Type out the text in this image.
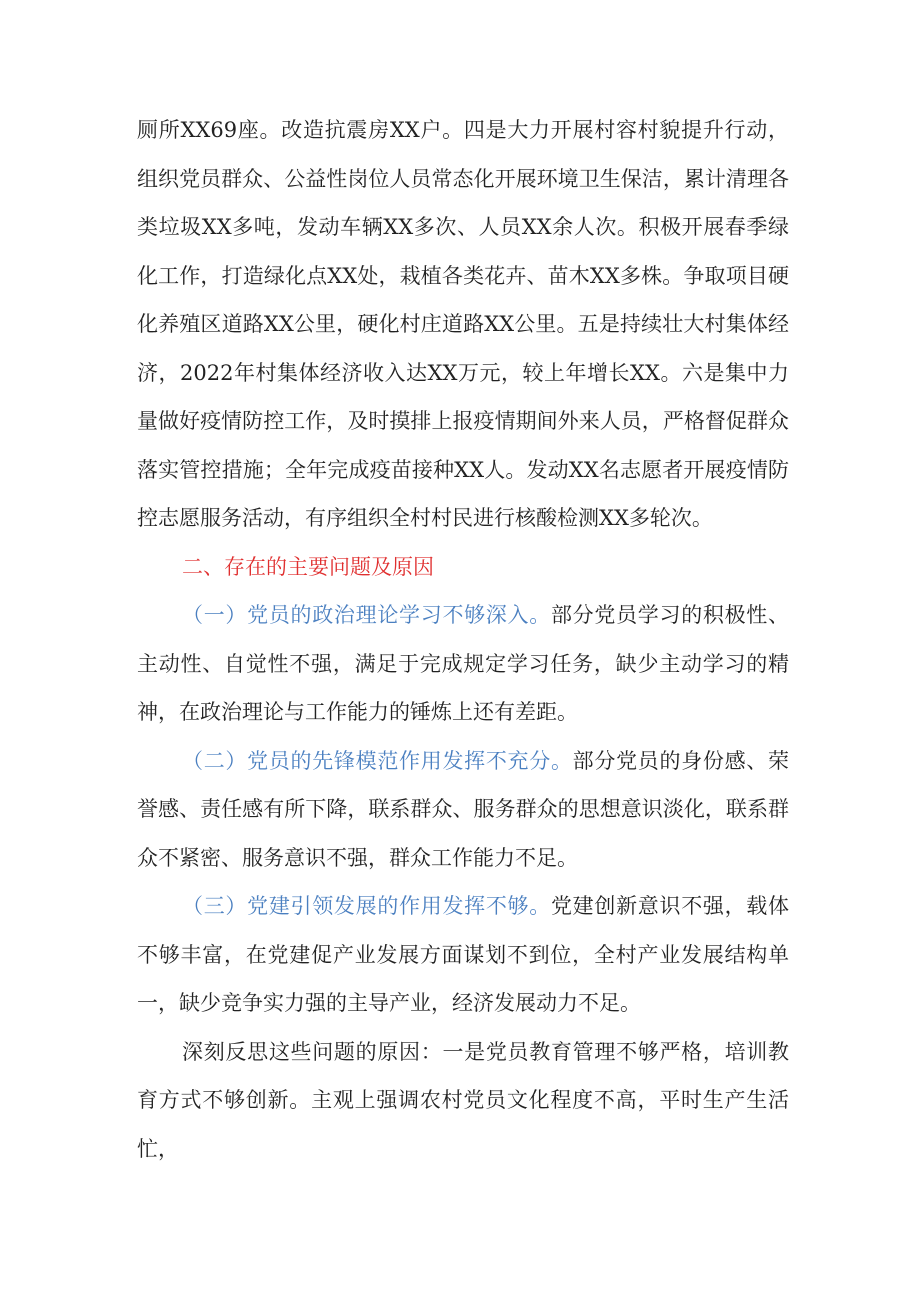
厕所XX69座。改造抗震房XX户。四是大力开展村容村貌提升行动，组织党员群众、公益性岗位人员常态化开展环境卫生保洁，累计清理各类垃圾XX多吨，发动车辆XX多次、人员XX余人次。积极开展春季绿化工作，打造绿化点XX处，栽植各类花卉、苗木XX多株。争取项目硬化养殖区道路XX公里，硬化村庄道路XX公里。五是持续壮大村集体经济，2022年村集体经济收入达XX万元，较上年增长XX。六是集中力量做好疫情防控工作，及时摸排上报疫情期间外来人员，严格督促群众落实管控措施；全年完成疫苗接种XX人。发动XX名志愿者开展疫情防控志愿服务活动，有序组织全村村民进行核酸检测XX多轮次。

二、存在的主要问题及原因

（一）党员的政治理论学习不够深入。部分党员学习的积极性、主动性、自觉性不强，满足于完成规定学习任务，缺少主动学习的精神，在政治理论与工作能力的锤炼上还有差距。

（二）党员的先锋模范作用发挥不充分。部分党员的身份感、荣誉感、责任感有所下降，联系群众、服务群众的思想意识淡化，联系群众不紧密、服务意识不强，群众工作能力不足。

（三）党建引领发展的作用发挥不够。党建创新意识不强，载体不够丰富，在党建促产业发展方面谋划不到位，全村产业发展结构单一，缺少竞争实力强的主导产业，经济发展动力不足。

深刻反思这些问题的原因：一是党员教育管理不够严格，培训教育方式不够创新。主观上强调农村党员文化程度不高，平时生产生活忙，
